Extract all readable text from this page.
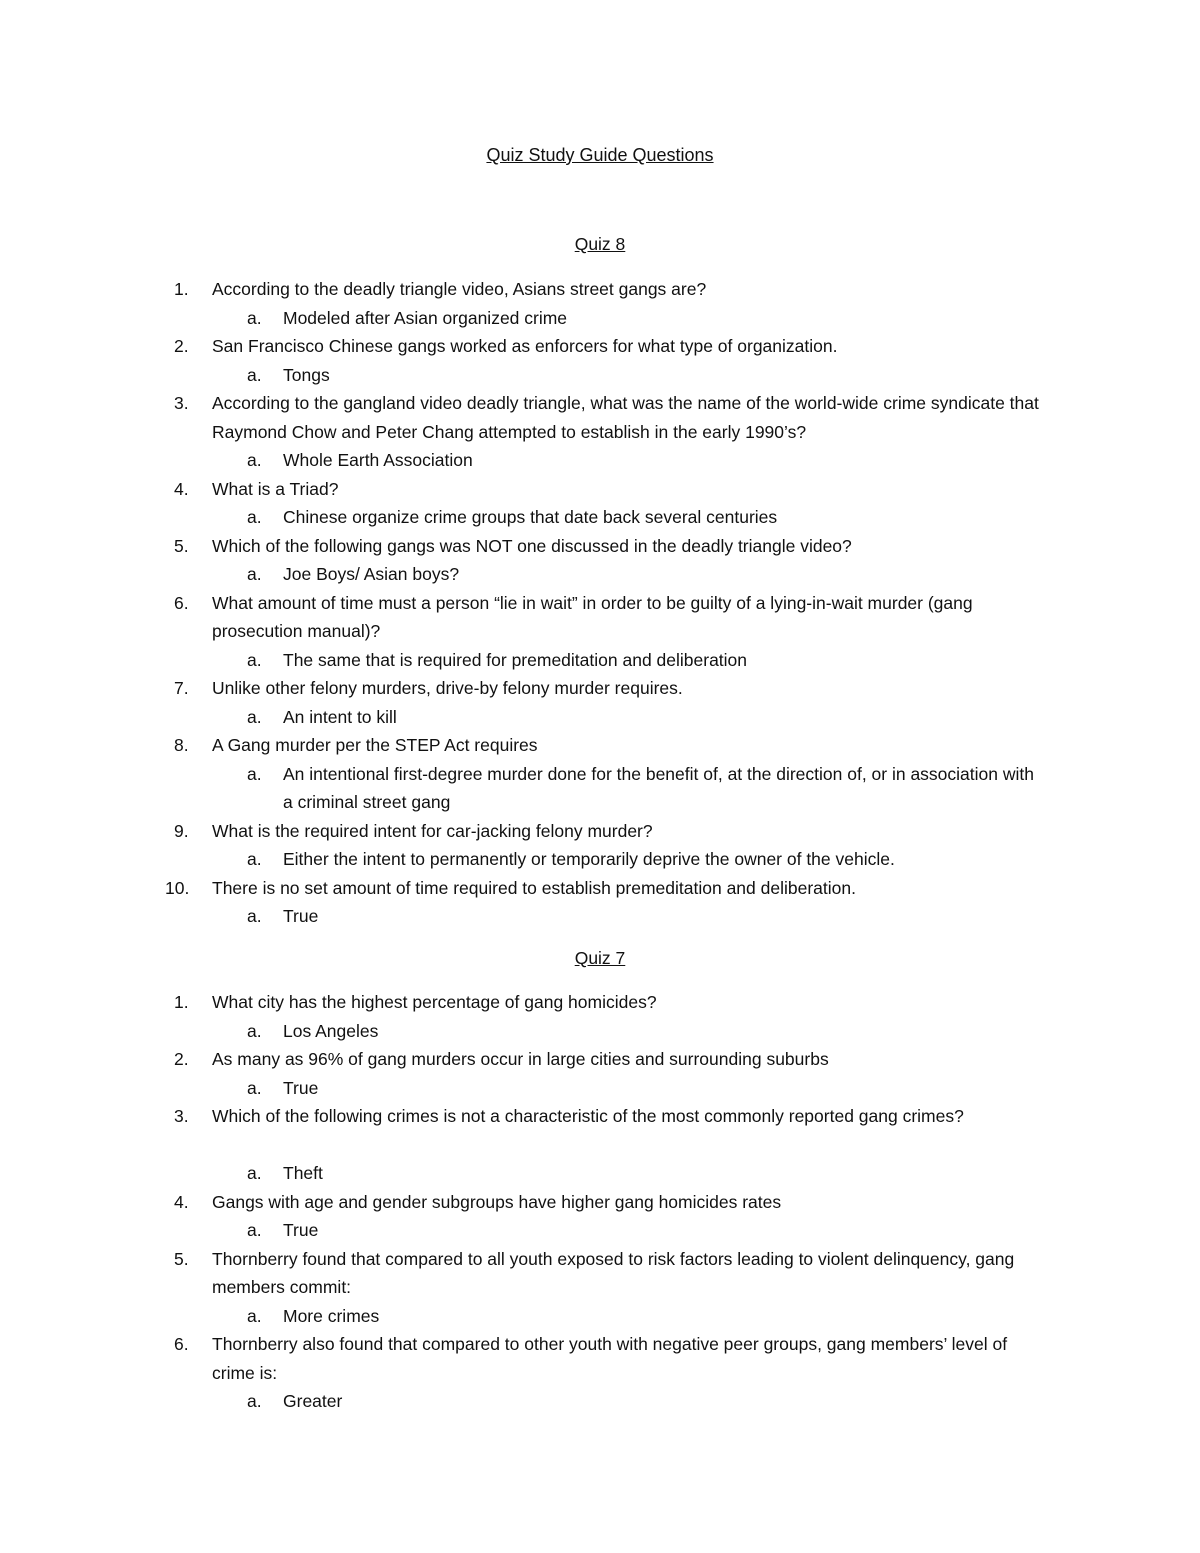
Quiz Study Guide Questions
Quiz 8
1.	According to the deadly triangle video, Asians street gangs are?
a.	Modeled after Asian organized crime
2.	San Francisco Chinese gangs worked as enforcers for what type of organization.
a.	Tongs
3.	According to the gangland video deadly triangle, what was the name of the world-wide crime syndicate that Raymond Chow and Peter Chang attempted to establish in the early 1990’s?
a.	Whole Earth Association
4.	What is a Triad?
a.	Chinese organize crime groups that date back several centuries
5.	Which of the following gangs was NOT one discussed in the deadly triangle video?
a.	Joe Boys/ Asian boys?
6.	What amount of time must a person “lie in wait” in order to be guilty of a lying-in-wait murder (gang prosecution manual)?
a.	The same that is required for premeditation and deliberation
7.	Unlike other felony murders, drive-by felony murder requires.
a.	An intent to kill
8.	A Gang murder per the STEP Act requires
a.	An intentional first-degree murder done for the benefit of, at the direction of, or in association with a criminal street gang
9.	What is the required intent for car-jacking felony murder?
a.	Either the intent to permanently or temporarily deprive the owner of the vehicle.
10.	There is no set amount of time required to establish premeditation and deliberation.
a.	True
Quiz 7
1.	What city has the highest percentage of gang homicides?
a.	Los Angeles
2.	As many as 96% of gang murders occur in large cities and surrounding suburbs
a.	True
3.	Which of the following crimes is not a characteristic of the most commonly reported gang crimes?
a.	Theft
4.	Gangs with age and gender subgroups have higher gang homicides rates
a.	True
5.	Thornberry found that compared to all youth exposed to risk factors leading to violent delinquency, gang members commit:
a.	More crimes
6.	Thornberry also found that compared to other youth with negative peer groups, gang members’ level of crime is:
a.	Greater
